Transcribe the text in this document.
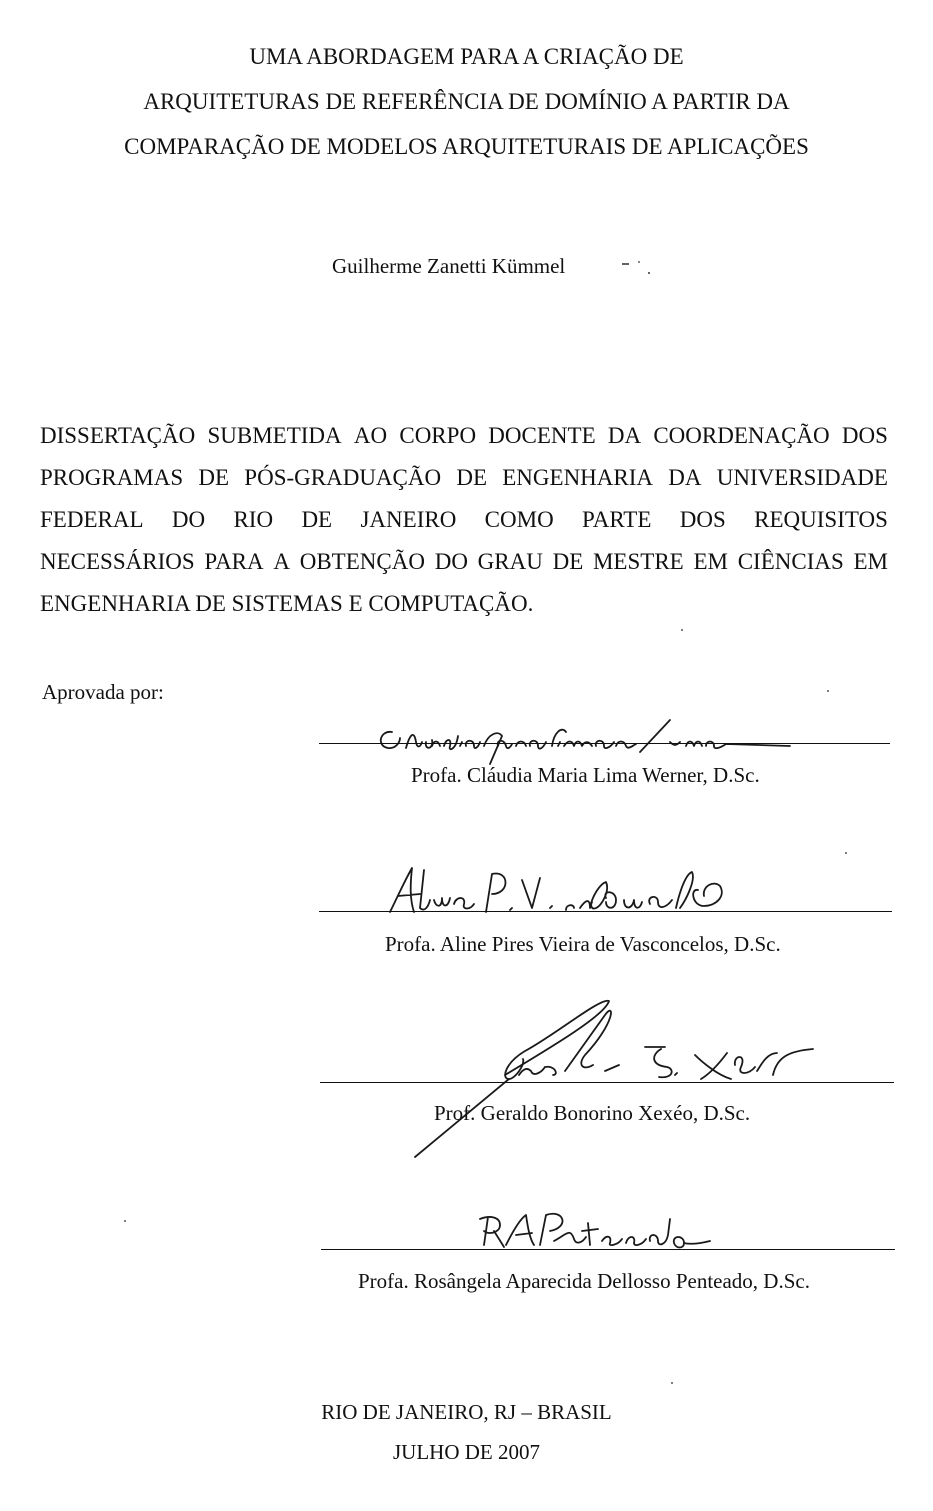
UMA ABORDAGEM PARA A CRIAÇÃO DE
ARQUITETURAS DE REFERÊNCIA DE DOMÍNIO A PARTIR DA
COMPARAÇÃO DE MODELOS ARQUITETURAIS DE APLICAÇÕES
Guilherme Zanetti Kümmel
DISSERTAÇÃO SUBMETIDA AO CORPO DOCENTE DA COORDENAÇÃO DOS
PROGRAMAS DE PÓS-GRADUAÇÃO DE ENGENHARIA DA UNIVERSIDADE
FEDERAL DO RIO DE JANEIRO COMO PARTE DOS REQUISITOS
NECESSÁRIOS PARA A OBTENÇÃO DO GRAU DE MESTRE EM CIÊNCIAS EM
ENGENHARIA DE SISTEMAS E COMPUTAÇÃO.
Aprovada por:
Profa. Cláudia Maria Lima Werner, D.Sc.
Profa. Aline Pires Vieira de Vasconcelos, D.Sc.
Prof. Geraldo Bonorino Xexéo, D.Sc.
Profa. Rosângela Aparecida Dellosso Penteado, D.Sc.
RIO DE JANEIRO, RJ – BRASIL
JULHO DE 2007
